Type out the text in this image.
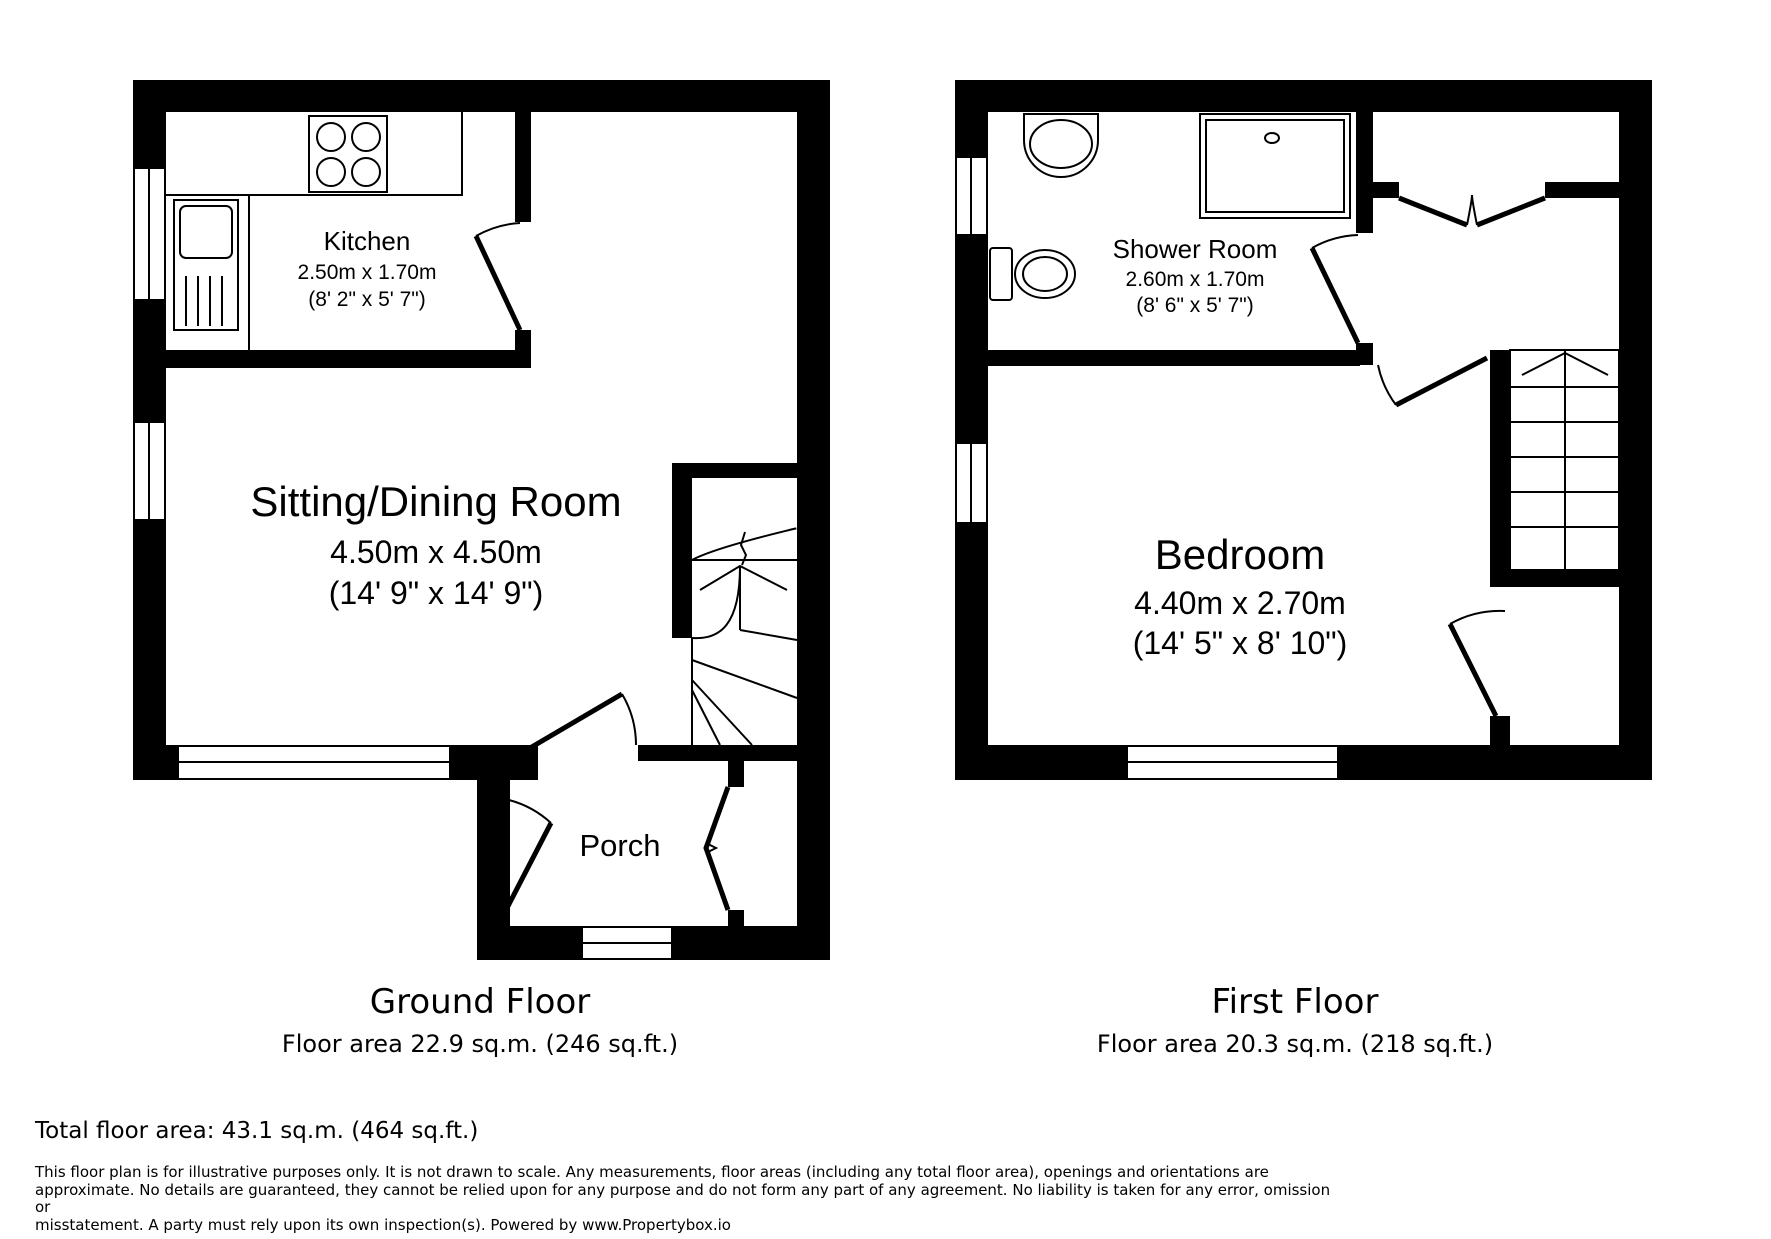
Kitchen
2.50m x 1.70m
(8' 2" x 5' 7")
Sitting/Dining Room
4.50m x 4.50m
(14' 9" x 14' 9")
Porch
Shower Room
2.60m x 1.70m
(8' 6" x 5' 7")
Bedroom
4.40m x 2.70m
(14' 5" x 8' 10")
Ground Floor
Floor area 22.9 sq.m. (246 sq.ft.)
First Floor
Floor area 20.3 sq.m. (218 sq.ft.)
Total floor area: 43.1 sq.m. (464 sq.ft.)
This floor plan is for illustrative purposes only. It is not drawn to scale. Any measurements, floor areas (including any total floor area), openings and orientations are
approximate. No details are guaranteed, they cannot be relied upon for any purpose and do not form any part of any agreement. No liability is taken for any error, omission or
misstatement. A party must rely upon its own inspection(s). Powered by www.Propertybox.io
